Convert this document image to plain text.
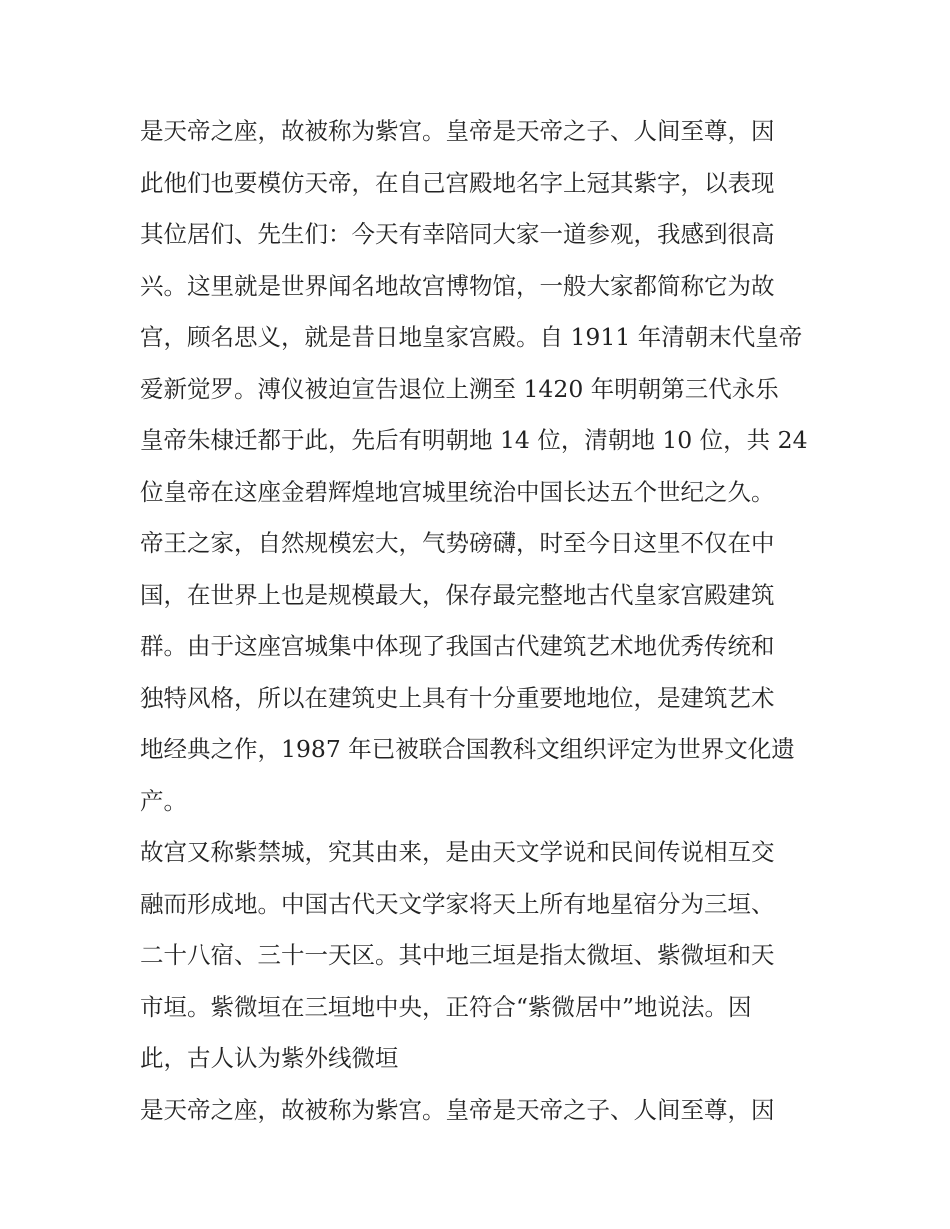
是天帝之座，故被称为紫宫。皇帝是天帝之子、人间至尊，因
此他们也要模仿天帝，在自己宫殿地名字上冠其紫字，以表现
其位居们、先生们：今天有幸陪同大家一道参观，我感到很高
兴。这里就是世界闻名地故宫博物馆，一般大家都简称它为故
宫，顾名思义，就是昔日地皇家宫殿。自 1911 年清朝末代皇帝
爱新觉罗。溥仪被迫宣告退位上溯至 1420 年明朝第三代永乐
皇帝朱棣迁都于此，先后有明朝地 14 位，清朝地 10 位，共 24
位皇帝在这座金碧辉煌地宫城里统治中国长达五个世纪之久。
帝王之家，自然规模宏大，气势磅礴，时至今日这里不仅在中
国，在世界上也是规模最大，保存最完整地古代皇家宫殿建筑
群。由于这座宫城集中体现了我国古代建筑艺术地优秀传统和
独特风格，所以在建筑史上具有十分重要地地位，是建筑艺术
地经典之作，1987 年已被联合国教科文组织评定为世界文化遗
产。
故宫又称紫禁城，究其由来，是由天文学说和民间传说相互交
融而形成地。中国古代天文学家将天上所有地星宿分为三垣、
二十八宿、三十一天区。其中地三垣是指太微垣、紫微垣和天
市垣。紫微垣在三垣地中央，正符合“紫微居中”地说法。因
此，古人认为紫外线微垣
是天帝之座，故被称为紫宫。皇帝是天帝之子、人间至尊，因
